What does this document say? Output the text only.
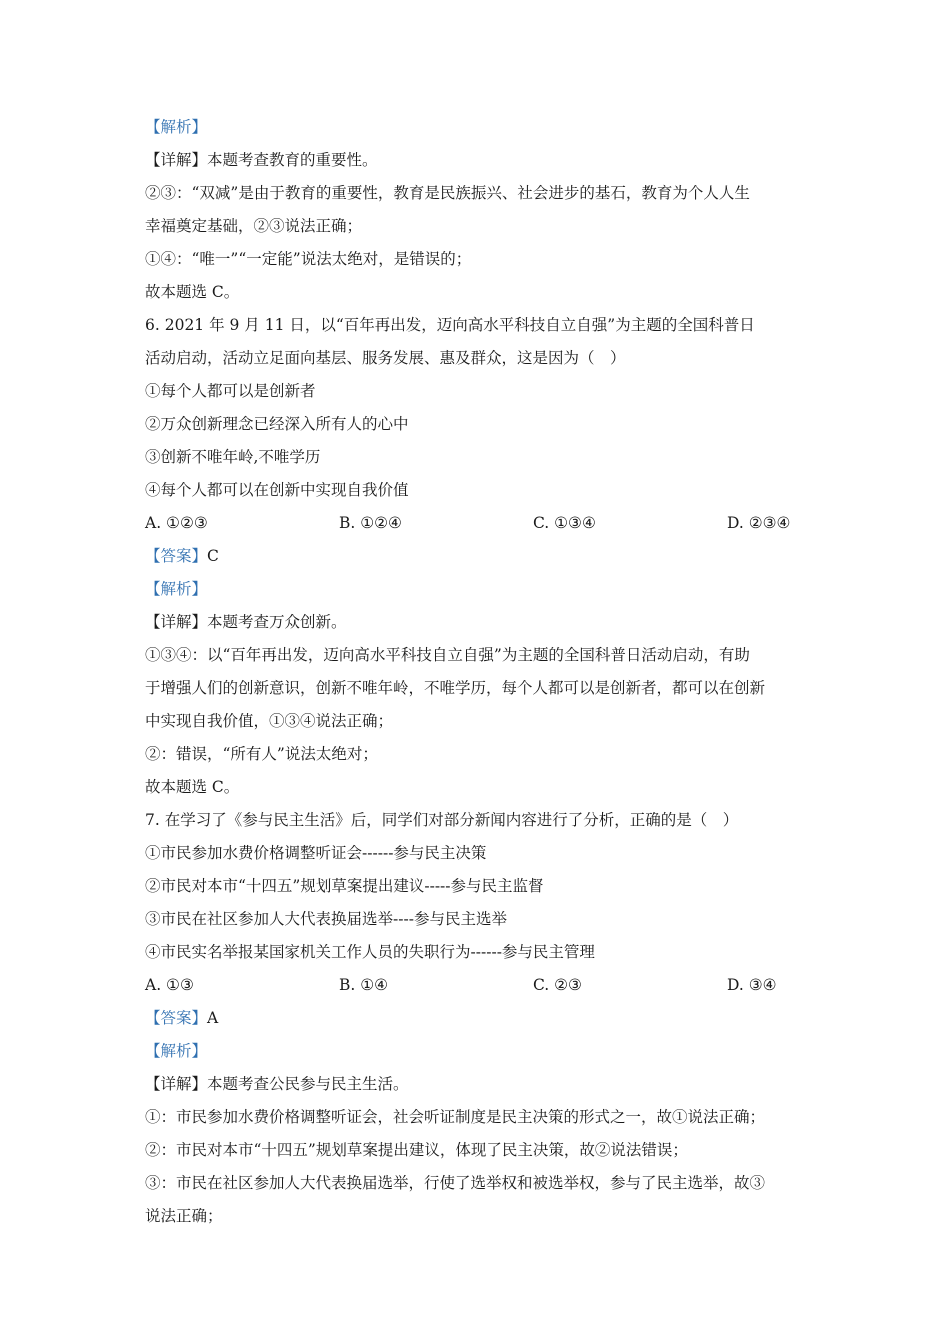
【解析】
【详解】本题考查教育的重要性。
②③：“双减”是由于教育的重要性，教育是民族振兴、社会进步的基石，教育为个人人生
幸福奠定基础，②③说法正确；
①④：“唯一”“一定能”说法太绝对，是错误的；
故本题选 C。
6. 2021 年 9 月 11 日，以“百年再出发，迈向高水平科技自立自强”为主题的全国科普日
活动启动，活动立足面向基层、服务发展、惠及群众，这是因为（　）
①每个人都可以是创新者
②万众创新理念已经深入所有人的心中
③创新不唯年岭,不唯学历
④每个人都可以在创新中实现自我价值
A. ①②③	B. ①②④	C. ①③④	D. ②③④
【答案】C
【解析】
【详解】本题考查万众创新。
①③④：以“百年再出发，迈向高水平科技自立自强”为主题的全国科普日活动启动，有助
于增强人们的创新意识，创新不唯年岭，不唯学历，每个人都可以是创新者，都可以在创新
中实现自我价值，①③④说法正确；
②：错误，“所有人”说法太绝对；
故本题选 C。
7. 在学习了《参与民主生活》后，同学们对部分新闻内容进行了分析，正确的是（　）
①市民参加水费价格调整听证会------参与民主决策
②市民对本市“十四五”规划草案提出建议-----参与民主监督
③市民在社区参加人大代表换届选举----参与民主选举
④市民实名举报某国家机关工作人员的失职行为------参与民主管理
A. ①③	B. ①④	C. ②③	D. ③④
【答案】A
【解析】
【详解】本题考查公民参与民主生活。
①：市民参加水费价格调整听证会，社会听证制度是民主决策的形式之一，故①说法正确；
②：市民对本市“十四五”规划草案提出建议，体现了民主决策，故②说法错误；
③：市民在社区参加人大代表换届选举，行使了选举权和被选举权，参与了民主选举，故③
说法正确；
